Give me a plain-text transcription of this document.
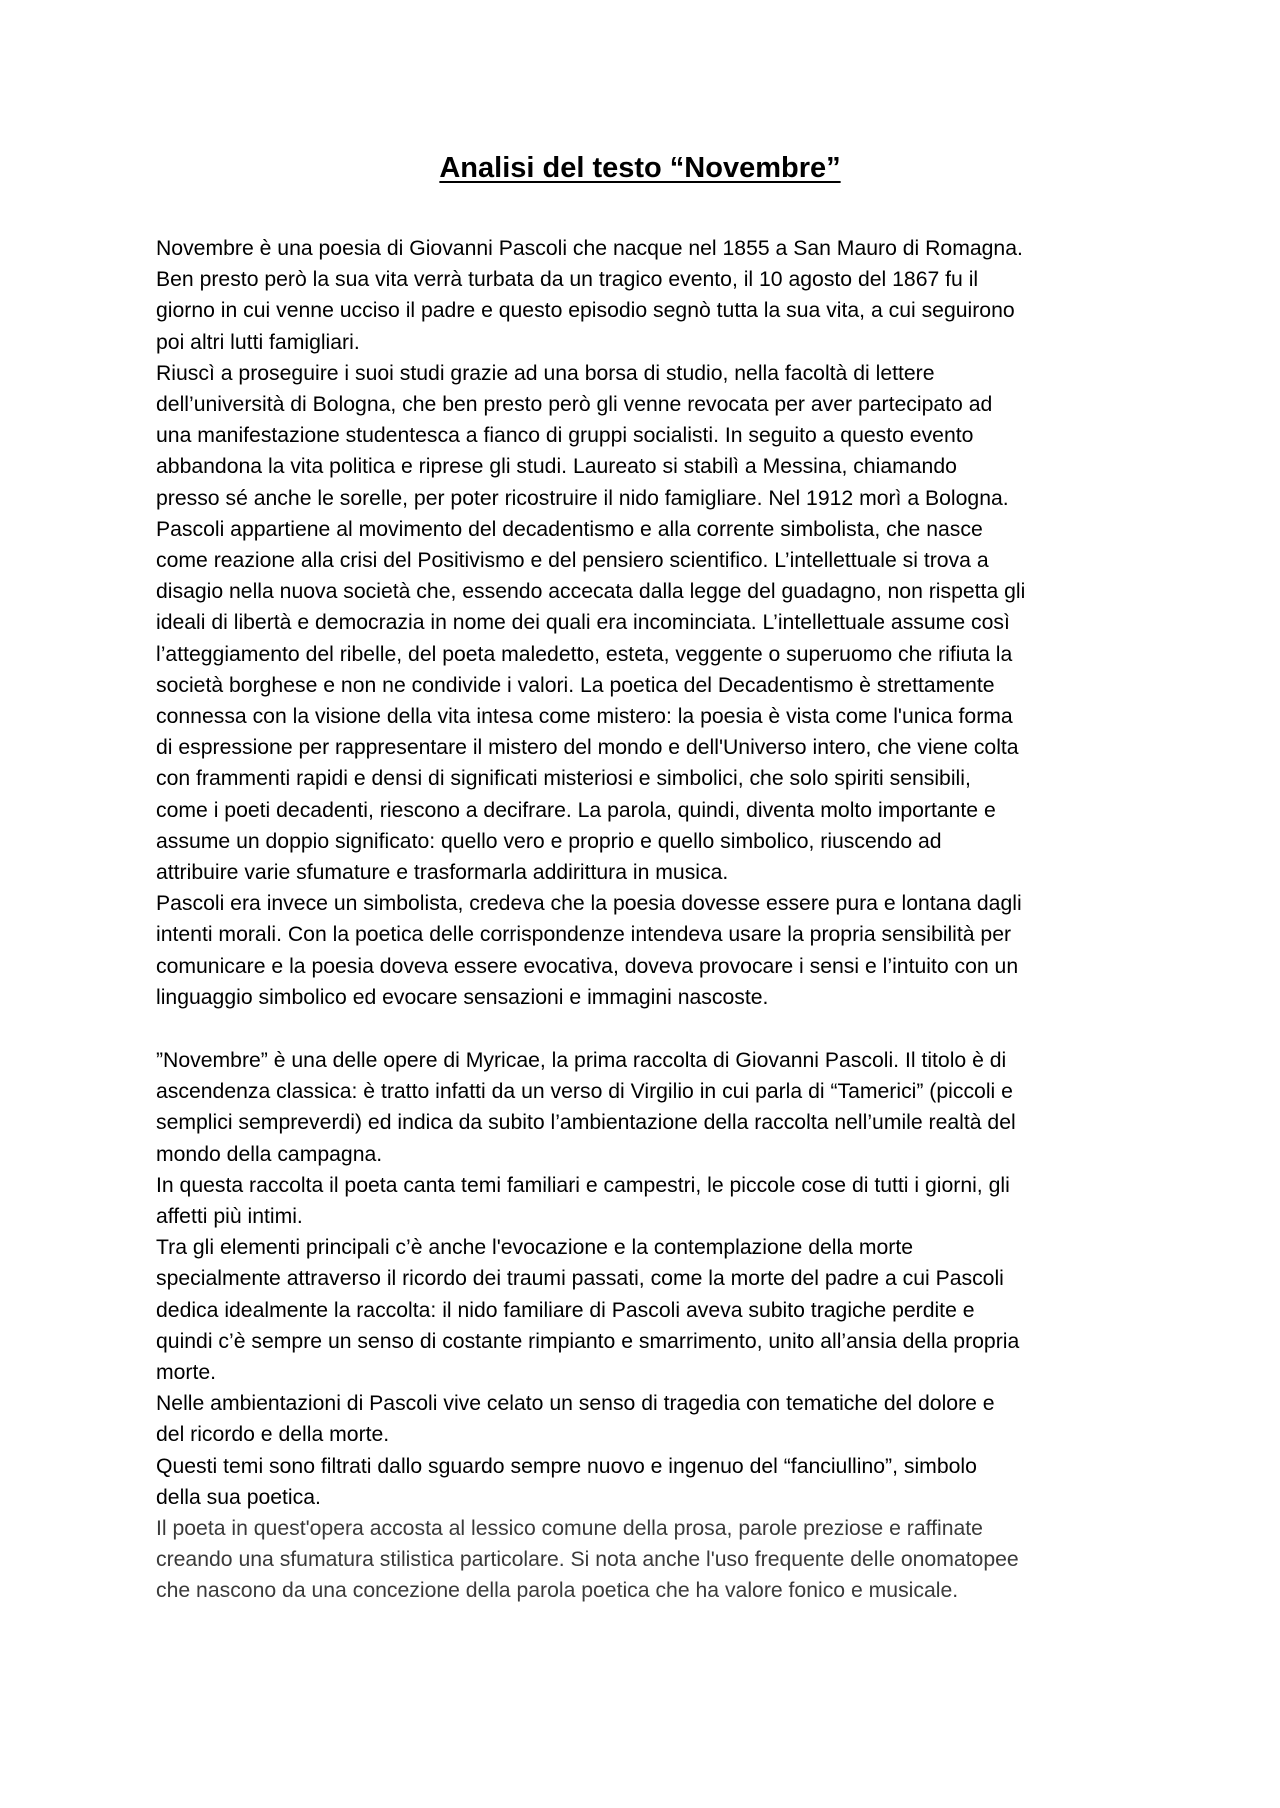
Analisi del testo “Novembre”
Novembre è una poesia di Giovanni Pascoli che nacque nel 1855 a San Mauro di Romagna.
Ben presto però la sua vita verrà turbata da un tragico evento, il 10 agosto del 1867 fu il
giorno in cui venne ucciso il padre e questo episodio segnò tutta la sua vita, a cui seguirono
poi altri lutti famigliari.
Riuscì a proseguire i suoi studi grazie ad una borsa di studio, nella facoltà di lettere
dell’università di Bologna, che ben presto però gli venne revocata per aver partecipato ad
una manifestazione studentesca a fianco di gruppi socialisti. In seguito a questo evento
abbandona la vita politica e riprese gli studi. Laureato si stabilì a Messina, chiamando
presso sé anche le sorelle, per poter ricostruire il nido famigliare. Nel 1912 morì a Bologna.
Pascoli appartiene al movimento del decadentismo e alla corrente simbolista, che nasce
come reazione alla crisi del Positivismo e del pensiero scientifico. L’intellettuale si trova a
disagio nella nuova società che, essendo accecata dalla legge del guadagno, non rispetta gli
ideali di libertà e democrazia in nome dei quali era incominciata. L’intellettuale assume così
l’atteggiamento del ribelle, del poeta maledetto, esteta, veggente o superuomo che rifiuta la
società borghese e non ne condivide i valori. La poetica del Decadentismo è strettamente
connessa con la visione della vita intesa come mistero: la poesia è vista come l'unica forma
di espressione per rappresentare il mistero del mondo e dell'Universo intero, che viene colta
con frammenti rapidi e densi di significati misteriosi e simbolici, che solo spiriti sensibili,
come i poeti decadenti, riescono a decifrare. La parola, quindi, diventa molto importante e
assume un doppio significato: quello vero e proprio e quello simbolico, riuscendo ad
attribuire varie sfumature e trasformarla addirittura in musica.
Pascoli era invece un simbolista, credeva che la poesia dovesse essere pura e lontana dagli
intenti morali. Con la poetica delle corrispondenze intendeva usare la propria sensibilità per
comunicare e la poesia doveva essere evocativa, doveva provocare i sensi e l’intuito con un
linguaggio simbolico ed evocare sensazioni e immagini nascoste.
”Novembre” è una delle opere di Myricae, la prima raccolta di Giovanni Pascoli. Il titolo è di
ascendenza classica: è tratto infatti da un verso di Virgilio in cui parla di “Tamerici” (piccoli e
semplici sempreverdi) ed indica da subito l’ambientazione della raccolta nell’umile realtà del
mondo della campagna.
In questa raccolta il poeta canta temi familiari e campestri, le piccole cose di tutti i giorni, gli
affetti più intimi.
Tra gli elementi principali c’è anche l'evocazione e la contemplazione della morte
specialmente attraverso il ricordo dei traumi passati, come la morte del padre a cui Pascoli
dedica idealmente la raccolta: il nido familiare di Pascoli aveva subito tragiche perdite e
quindi c’è sempre un senso di costante rimpianto e smarrimento, unito all’ansia della propria
morte.
Nelle ambientazioni di Pascoli vive celato un senso di tragedia con tematiche del dolore e
del ricordo e della morte.
Questi temi sono filtrati dallo sguardo sempre nuovo e ingenuo del “fanciullino”, simbolo
della sua poetica.
Il poeta in quest'opera accosta al lessico comune della prosa, parole preziose e raffinate
creando una sfumatura stilistica particolare. Si nota anche l'uso frequente delle onomatopee
che nascono da una concezione della parola poetica che ha valore fonico e musicale.
